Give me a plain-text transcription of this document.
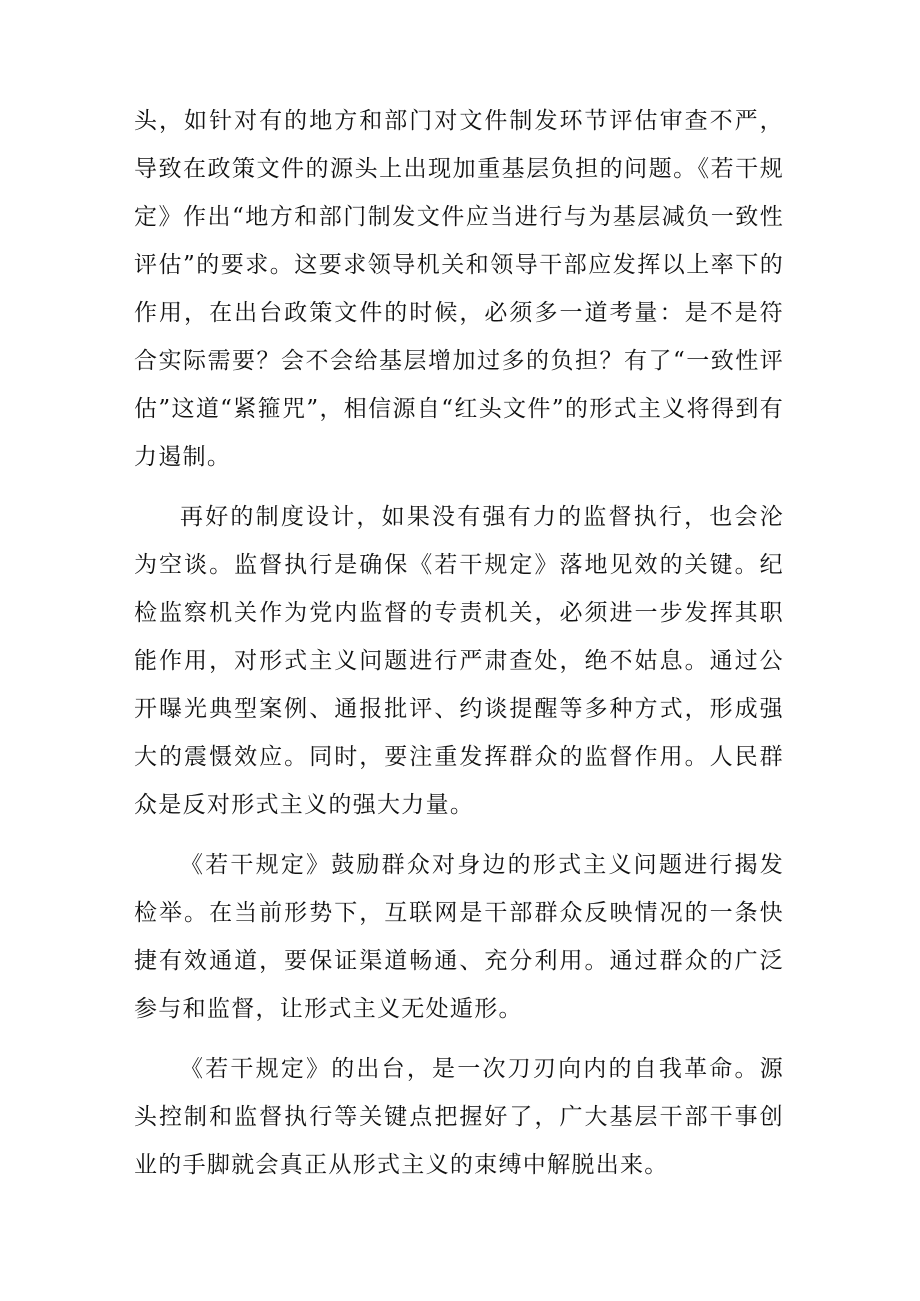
头，如针对有的地方和部门对文件制发环节评估审查不严，导致在政策文件的源头上出现加重基层负担的问题。《若干规定》作出“地方和部门制发文件应当进行与为基层减负一致性评估”的要求。这要求领导机关和领导干部应发挥以上率下的作用，在出台政策文件的时候，必须多一道考量：是不是符合实际需要？会不会给基层增加过多的负担？有了“一致性评估”这道“紧箍咒”，相信源自“红头文件”的形式主义将得到有力遏制。

再好的制度设计，如果没有强有力的监督执行，也会沦为空谈。监督执行是确保《若干规定》落地见效的关键。纪检监察机关作为党内监督的专责机关，必须进一步发挥其职能作用，对形式主义问题进行严肃查处，绝不姑息。通过公开曝光典型案例、通报批评、约谈提醒等多种方式，形成强大的震慑效应。同时，要注重发挥群众的监督作用。人民群众是反对形式主义的强大力量。

《若干规定》鼓励群众对身边的形式主义问题进行揭发检举。在当前形势下，互联网是干部群众反映情况的一条快捷有效通道，要保证渠道畅通、充分利用。通过群众的广泛参与和监督，让形式主义无处遁形。

《若干规定》的出台，是一次刀刃向内的自我革命。源头控制和监督执行等关键点把握好了，广大基层干部干事创业的手脚就会真正从形式主义的束缚中解脱出来。
